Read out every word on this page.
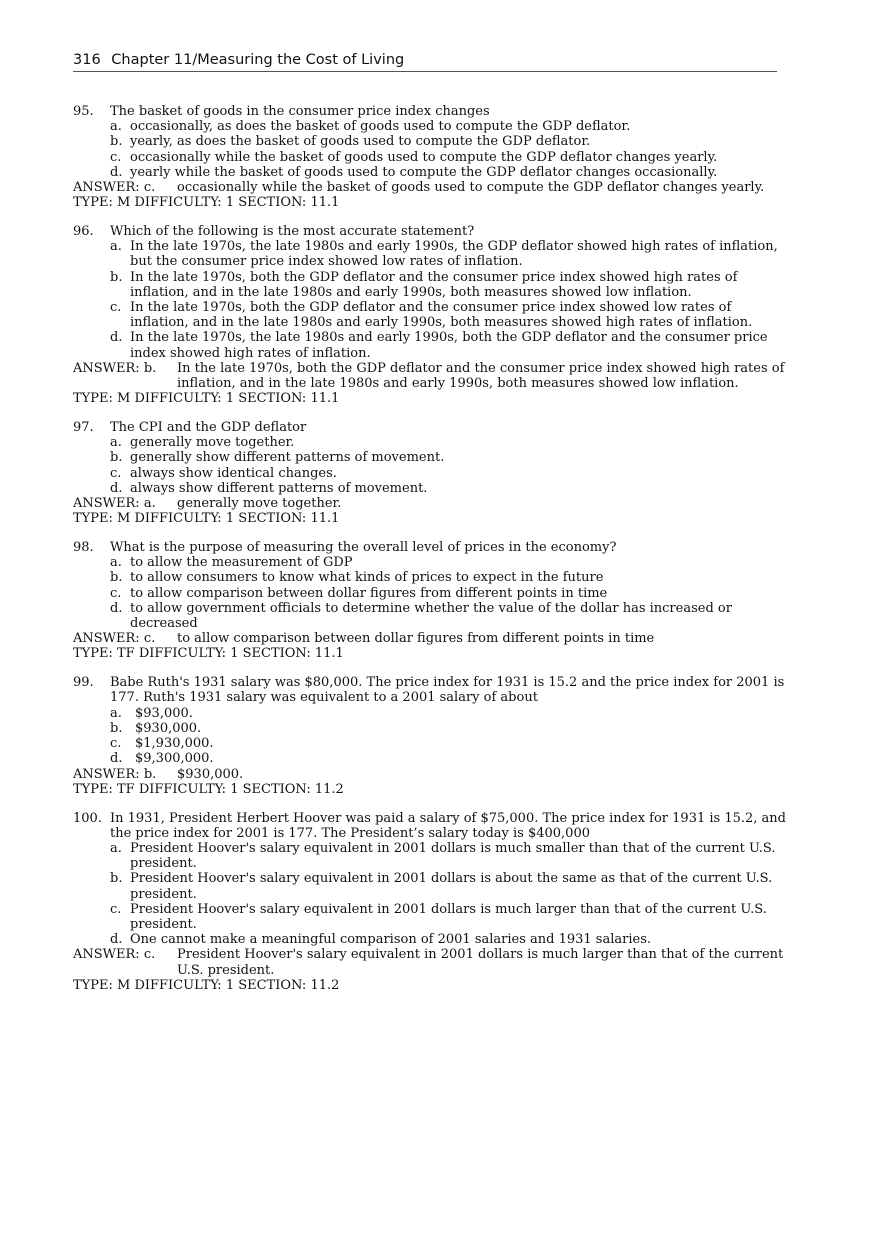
316 Chapter 11/Measuring the Cost of Living
95.	The basket of goods in the consumer price index changes
a. occasionally, as does the basket of goods used to compute the GDP deflator.
b. yearly, as does the basket of goods used to compute the GDP deflator.
c. occasionally while the basket of goods used to compute the GDP deflator changes yearly.
d. yearly while the basket of goods used to compute the GDP deflator changes occasionally.
ANSWER: c.	occasionally while the basket of goods used to compute the GDP deflator changes yearly.
TYPE: M DIFFICULTY: 1 SECTION: 11.1
96.	Which of the following is the most accurate statement?
a. In the late 1970s, the late 1980s and early 1990s, the GDP deflator showed high rates of inflation, but the consumer price index showed low rates of inflation.
b. In the late 1970s, both the GDP deflator and the consumer price index showed high rates of inflation, and in the late 1980s and early 1990s, both measures showed low inflation.
c. In the late 1970s, both the GDP deflator and the consumer price index showed low rates of inflation, and in the late 1980s and early 1990s, both measures showed high rates of inflation.
d. In the late 1970s, the late 1980s and early 1990s, both the GDP deflator and the consumer price index showed high rates of inflation.
ANSWER: b.	In the late 1970s, both the GDP deflator and the consumer price index showed high rates of inflation, and in the late 1980s and early 1990s, both measures showed low inflation.
TYPE: M DIFFICULTY: 1 SECTION: 11.1
97.	The CPI and the GDP deflator
a. generally move together.
b. generally show different patterns of movement.
c. always show identical changes.
d. always show different patterns of movement.
ANSWER: a.	generally move together.
TYPE: M DIFFICULTY: 1 SECTION: 11.1
98.	What is the purpose of measuring the overall level of prices in the economy?
a. to allow the measurement of GDP
b. to allow consumers to know what kinds of prices to expect in the future
c. to allow comparison between dollar figures from different points in time
d. to allow government officials to determine whether the value of the dollar has increased or decreased
ANSWER: c.	to allow comparison between dollar figures from different points in time
TYPE: TF DIFFICULTY: 1 SECTION: 11.1
99.	Babe Ruth's 1931 salary was $80,000. The price index for 1931 is 15.2 and the price index for 2001 is 177. Ruth's 1931 salary was equivalent to a 2001 salary of about
a.	$93,000.
b. $930,000.
c.	$1,930,000.
d. $9,300,000.
ANSWER: b.	$930,000.
TYPE: TF DIFFICULTY: 1 SECTION: 11.2
100. In 1931, President Herbert Hoover was paid a salary of $75,000. The price index for 1931 is 15.2, and the price index for 2001 is 177. The President’s salary today is $400,000
a. President Hoover's salary equivalent in 2001 dollars is much smaller than that of the current U.S. president.
b. President Hoover's salary equivalent in 2001 dollars is about the same as that of the current U.S. president.
c. President Hoover's salary equivalent in 2001 dollars is much larger than that of the current U.S. president.
d. One cannot make a meaningful comparison of 2001 salaries and 1931 salaries.
ANSWER: c.	President Hoover's salary equivalent in 2001 dollars is much larger than that of the current U.S. president.
TYPE: M DIFFICULTY: 1 SECTION: 11.2
